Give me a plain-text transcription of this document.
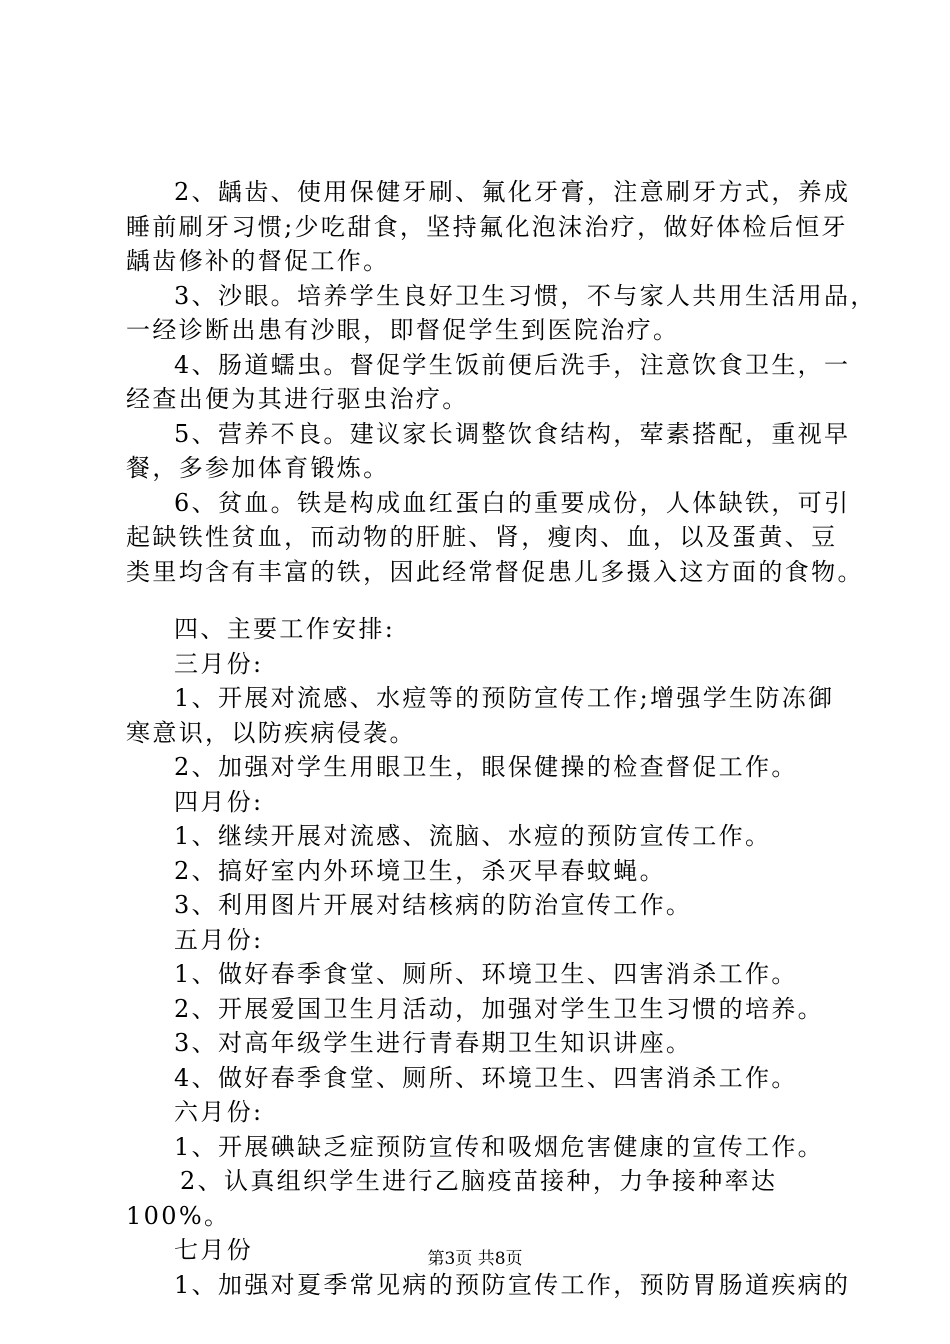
2、龋齿、使用保健牙刷、氟化牙膏，注意刷牙方式，养成
睡前刷牙习惯;少吃甜食，坚持氟化泡沫治疗，做好体检后恒牙
龋齿修补的督促工作。
3、沙眼。培养学生良好卫生习惯，不与家人共用生活用品，
一经诊断出患有沙眼，即督促学生到医院治疗。
4、肠道蠕虫。督促学生饭前便后洗手，注意饮食卫生，一
经查出便为其进行驱虫治疗。
5、营养不良。建议家长调整饮食结构，荤素搭配，重视早
餐，多参加体育锻炼。
6、贫血。铁是构成血红蛋白的重要成份，人体缺铁，可引
起缺铁性贫血，而动物的肝脏、肾，瘦肉、血，以及蛋黄、豆
类里均含有丰富的铁，因此经常督促患儿多摄入这方面的食物。
四、主要工作安排:
三月份:
1、开展对流感、水痘等的预防宣传工作;增强学生防冻御
寒意识，以防疾病侵袭。
2、加强对学生用眼卫生，眼保健操的检查督促工作。
四月份:
1、继续开展对流感、流脑、水痘的预防宣传工作。
2、搞好室内外环境卫生，杀灭早春蚊蝇。
3、利用图片开展对结核病的防治宣传工作。
五月份:
1、做好春季食堂、厕所、环境卫生、四害消杀工作。
2、开展爱国卫生月活动，加强对学生卫生习惯的培养。
3、对高年级学生进行青春期卫生知识讲座。
4、做好春季食堂、厕所、环境卫生、四害消杀工作。
六月份:
1、开展碘缺乏症预防宣传和吸烟危害健康的宣传工作。
2、认真组织学生进行乙脑疫苗接种，力争接种率达
100%。
七月份
1、加强对夏季常见病的预防宣传工作，预防胃肠道疾病的
第3页 共8页
